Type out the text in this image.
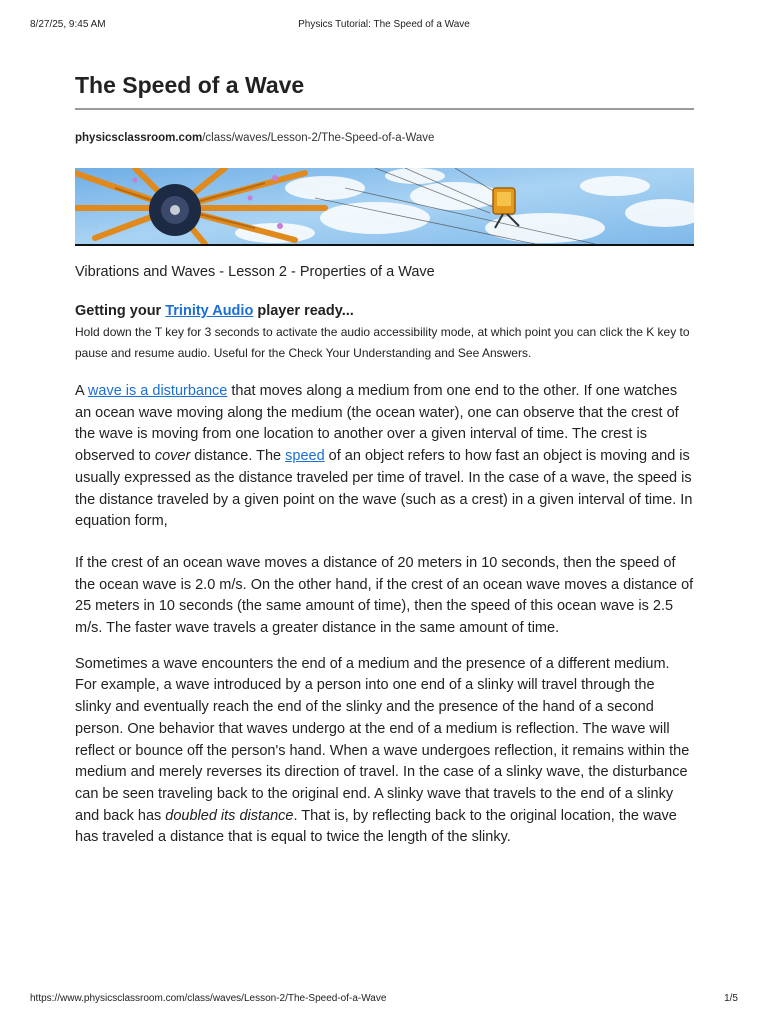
8/27/25, 9:45 AM	Physics Tutorial: The Speed of a Wave
The Speed of a Wave
physicsclassroom.com/class/waves/Lesson-2/The-Speed-of-a-Wave
Vibrations and Waves - Lesson 2 - Properties of a Wave
Getting your Trinity Audio player ready...
Hold down the T key for 3 seconds to activate the audio accessibility mode, at which point you can click the K key to pause and resume audio. Useful for the Check Your Understanding and See Answers.

A wave is a disturbance that moves along a medium from one end to the other. If one watches an ocean wave moving along the medium (the ocean water), one can observe that the crest of the wave is moving from one location to another over a given interval of time. The crest is observed to cover distance. The speed of an object refers to how fast an object is moving and is usually expressed as the distance traveled per time of travel. In the case of a wave, the speed is the distance traveled by a given point on the wave (such as a crest) in a given interval of time. In equation form,

If the crest of an ocean wave moves a distance of 20 meters in 10 seconds, then the speed of the ocean wave is 2.0 m/s. On the other hand, if the crest of an ocean wave moves a distance of 25 meters in 10 seconds (the same amount of time), then the speed of this ocean wave is 2.5 m/s. The faster wave travels a greater distance in the same amount of time.

Sometimes a wave encounters the end of a medium and the presence of a different medium. For example, a wave introduced by a person into one end of a slinky will travel through the slinky and eventually reach the end of the slinky and the presence of the hand of a second person. One behavior that waves undergo at the end of a medium is reflection. The wave will reflect or bounce off the person's hand. When a wave undergoes reflection, it remains within the medium and merely reverses its direction of travel. In the case of a slinky wave, the disturbance can be seen traveling back to the original end. A slinky wave that travels to the end of a slinky and back has doubled its distance. That is, by reflecting back to the original location, the wave has traveled a distance that is equal to twice the length of the slinky.

https://www.physicsclassroom.com/class/waves/Lesson-2/The-Speed-of-a-Wave	1/5
